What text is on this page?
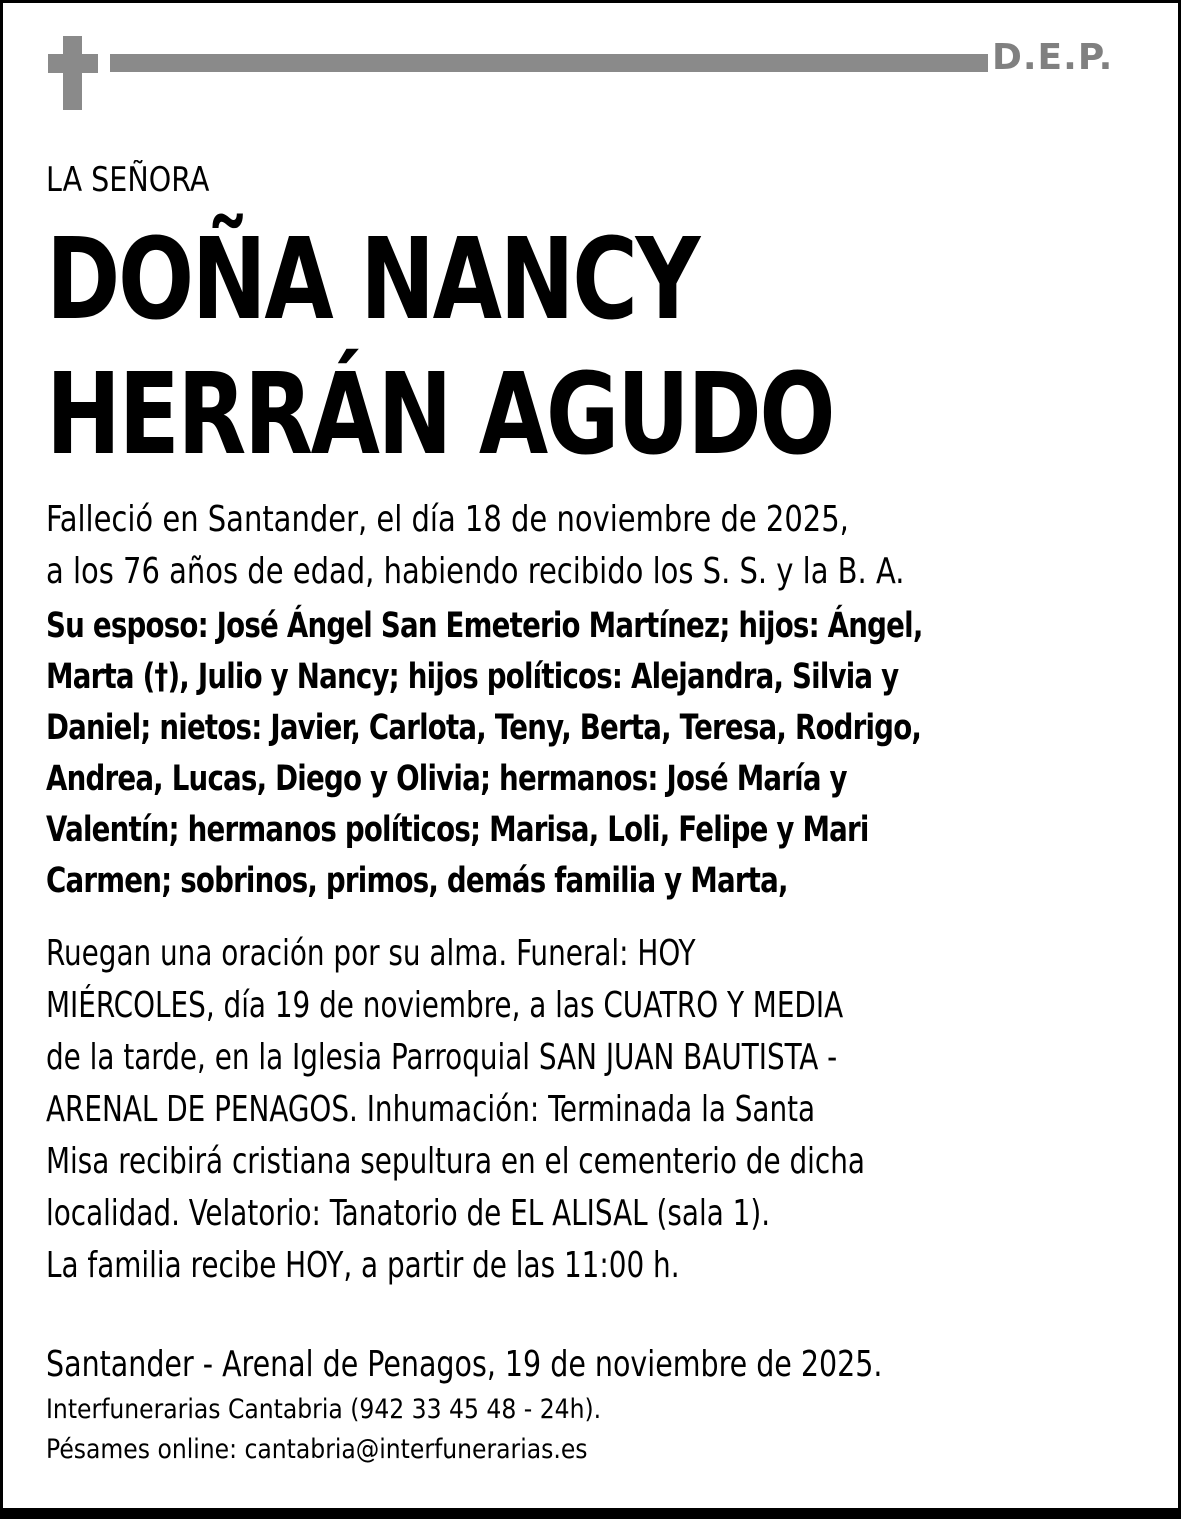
D.E.P.
LA SEÑORA
DOÑA NANCY
HERRÁN AGUDO
Falleció en Santander, el día 18 de noviembre de 2025,
a los 76 años de edad, habiendo recibido los S. S. y la B. A.
Su esposo: José Ángel San Emeterio Martínez; hijos: Ángel,
Marta (†), Julio y Nancy; hijos políticos: Alejandra, Silvia y
Daniel; nietos: Javier, Carlota, Teny, Berta, Teresa, Rodrigo,
Andrea, Lucas, Diego y Olivia; hermanos: José María y
Valentín; hermanos políticos; Marisa, Loli, Felipe y Mari
Carmen; sobrinos, primos, demás familia y Marta,
Ruegan una oración por su alma. Funeral: HOY
MIÉRCOLES, día 19 de noviembre, a las CUATRO Y MEDIA
de la tarde, en la Iglesia Parroquial SAN JUAN BAUTISTA -
ARENAL DE PENAGOS. Inhumación: Terminada la Santa
Misa recibirá cristiana sepultura en el cementerio de dicha
localidad. Velatorio: Tanatorio de EL ALISAL (sala 1).
La familia recibe HOY, a partir de las 11:00 h.
Santander - Arenal de Penagos, 19 de noviembre de 2025.
Interfunerarias Cantabria (942 33 45 48 - 24h).
Pésames online: cantabria@interfunerarias.es
